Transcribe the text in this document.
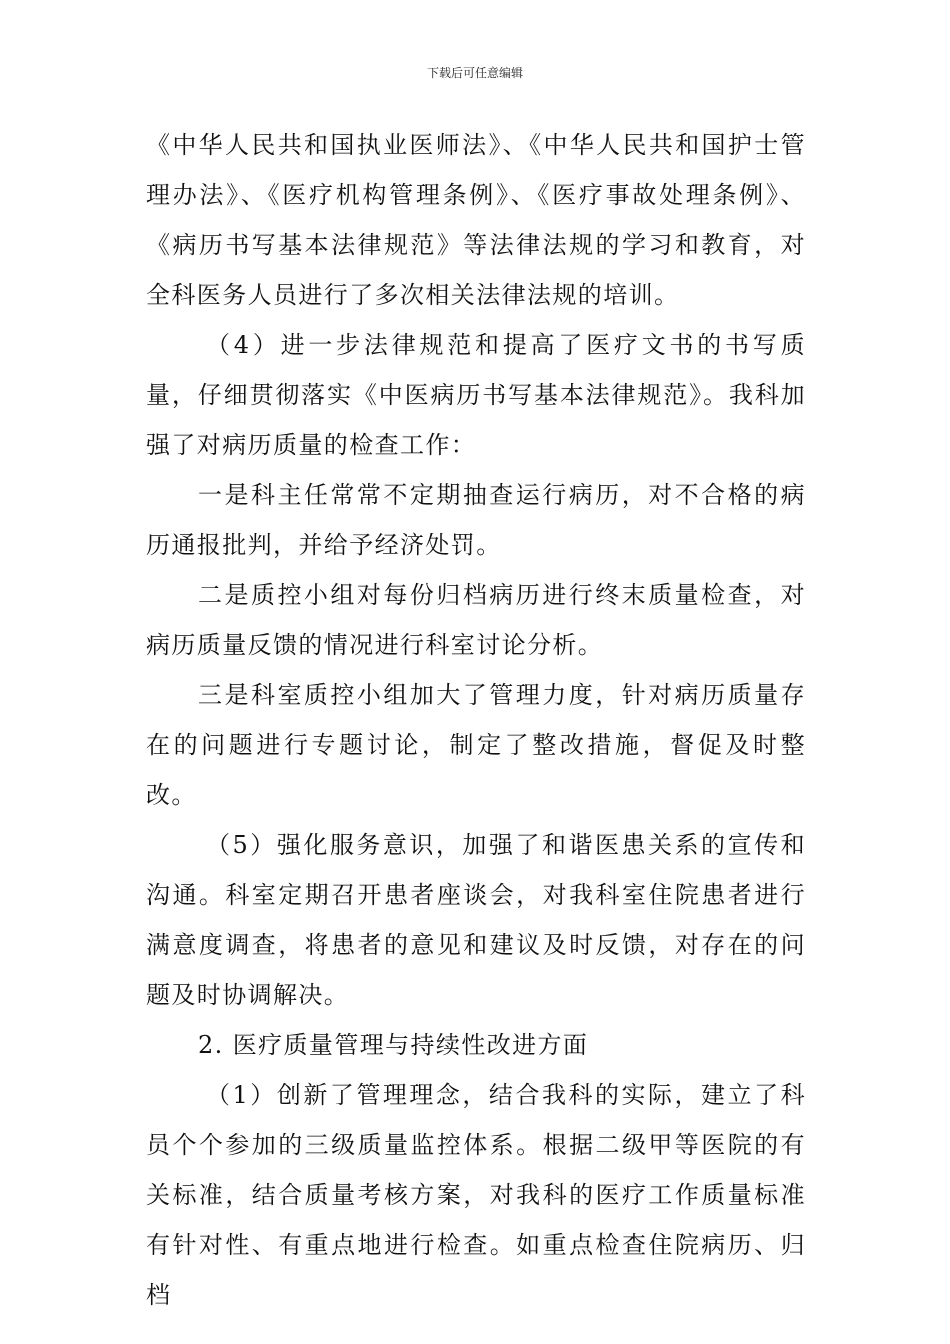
下载后可任意编辑

《中华人民共和国执业医师法》、《中华人民共和国护士管理办法》、《医疗机构管理条例》、《医疗事故处理条例》、《病历书写基本法律规范》等法律法规的学习和教育，对全科医务人员进行了多次相关法律法规的培训。

（4）进一步法律规范和提高了医疗文书的书写质量，仔细贯彻落实《中医病历书写基本法律规范》。我科加强了对病历质量的检查工作：

一是科主任常常不定期抽查运行病历，对不合格的病历通报批判，并给予经济处罚。

二是质控小组对每份归档病历进行终末质量检查，对病历质量反馈的情况进行科室讨论分析。

三是科室质控小组加大了管理力度，针对病历质量存在的问题进行专题讨论，制定了整改措施，督促及时整改。

（5）强化服务意识，加强了和谐医患关系的宣传和沟通。科室定期召开患者座谈会，对我科室住院患者进行满意度调查，将患者的意见和建议及时反馈，对存在的问题及时协调解决。

2. 医疗质量管理与持续性改进方面

（1）创新了管理理念，结合我科的实际，建立了科员个个参加的三级质量监控体系。根据二级甲等医院的有关标准，结合质量考核方案，对我科的医疗工作质量标准有针对性、有重点地进行检查。如重点检查住院病历、归档
